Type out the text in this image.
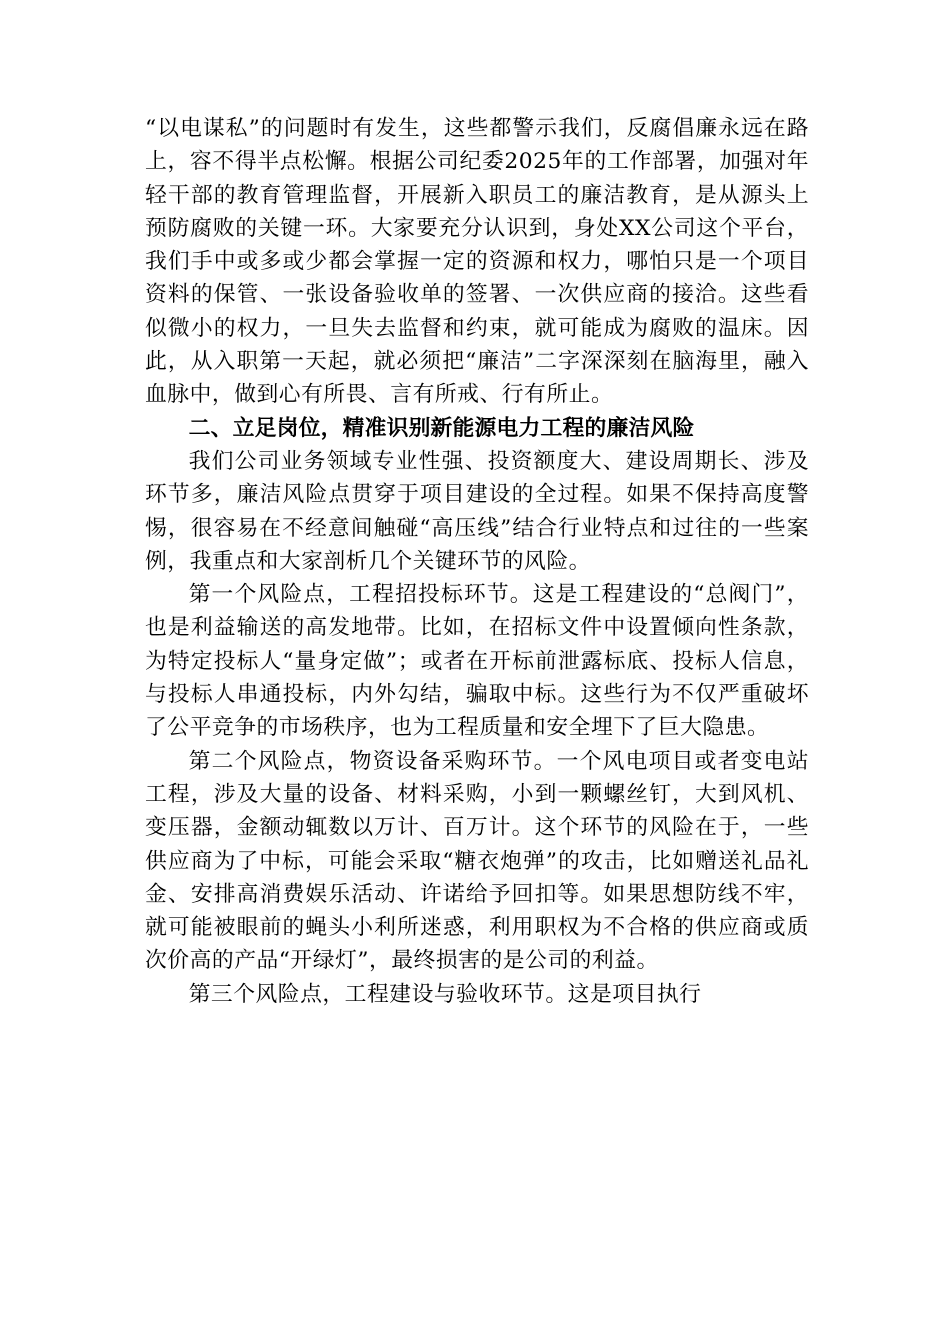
“以电谋私”的问题时有发生，这些都警示我们，反腐倡廉永远在路上，容不得半点松懈。根据公司纪委2025年的工作部署，加强对年轻干部的教育管理监督，开展新入职员工的廉洁教育，是从源头上预防腐败的关键一环。大家要充分认识到，身处XX公司这个平台，我们手中或多或少都会掌握一定的资源和权力，哪怕只是一个项目资料的保管、一张设备验收单的签署、一次供应商的接洽。这些看似微小的权力，一旦失去监督和约束，就可能成为腐败的温床。因此，从入职第一天起，就必须把“廉洁”二字深深刻在脑海里，融入血脉中，做到心有所畏、言有所戒、行有所止。

二、立足岗位，精准识别新能源电力工程的廉洁风险

我们公司业务领域专业性强、投资额度大、建设周期长、涉及环节多，廉洁风险点贯穿于项目建设的全过程。如果不保持高度警惕，很容易在不经意间触碰“高压线”结合行业特点和过往的一些案例，我重点和大家剖析几个关键环节的风险。

第一个风险点，工程招投标环节。这是工程建设的“总阀门”，也是利益输送的高发地带。比如，在招标文件中设置倾向性条款，为特定投标人“量身定做”；或者在开标前泄露标底、投标人信息，与投标人串通投标，内外勾结，骗取中标。这些行为不仅严重破坏了公平竞争的市场秩序，也为工程质量和安全埋下了巨大隐患。

第二个风险点，物资设备采购环节。一个风电项目或者变电站工程，涉及大量的设备、材料采购，小到一颗螺丝钉，大到风机、变压器，金额动辄数以万计、百万计。这个环节的风险在于，一些供应商为了中标，可能会采取“糖衣炮弹”的攻击，比如赠送礼品礼金、安排高消费娱乐活动、许诺给予回扣等。如果思想防线不牢，就可能被眼前的蝇头小利所迷惑，利用职权为不合格的供应商或质次价高的产品“开绿灯”，最终损害的是公司的利益。

第三个风险点，工程建设与验收环节。这是项目执行
